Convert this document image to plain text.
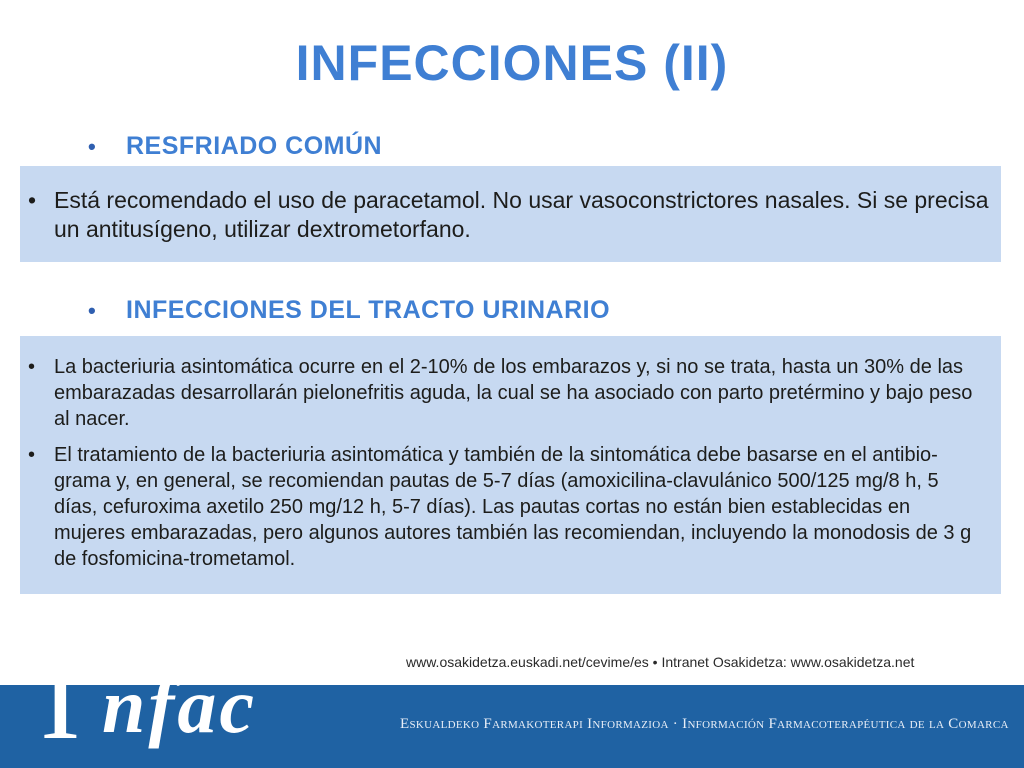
INFECCIONES (II)
•	RESFRIADO COMÚN
• Está recomendado el uso de paracetamol. No usar vasoconstrictores nasales. Si se precisa un antitusígeno, utilizar dextrometorfano.
•	INFECCIONES DEL TRACTO URINARIO
• La bacteriuria asintomática ocurre en el 2-10% de los embarazos y, si no se trata, hasta un 30% de las embarazadas desarrollarán pielonefritis aguda, la cual se ha asociado con parto pretérmino y bajo peso al nacer.
• El tratamiento de la bacteriuria asintomática y también de la sintomática debe basarse en el antibio-grama y, en general, se recomiendan pautas de 5-7 días (amoxicilina-clavulánico 500/125 mg/8 h, 5 días, cefuroxima axetilo 250 mg/12 h, 5-7 días). Las pautas cortas no están bien establecidas en mujeres embarazadas, pero algunos autores también las recomiendan, incluyendo la monodosis de 3 g de fosfomicina-trometamol.
www.osakidetza.euskadi.net/cevime/es • Intranet Osakidetza: www.osakidetza.net
Eskualdeko Farmakoterapi Informazioa · Información Farmacoterapéutica de la Comarca
I nfac
